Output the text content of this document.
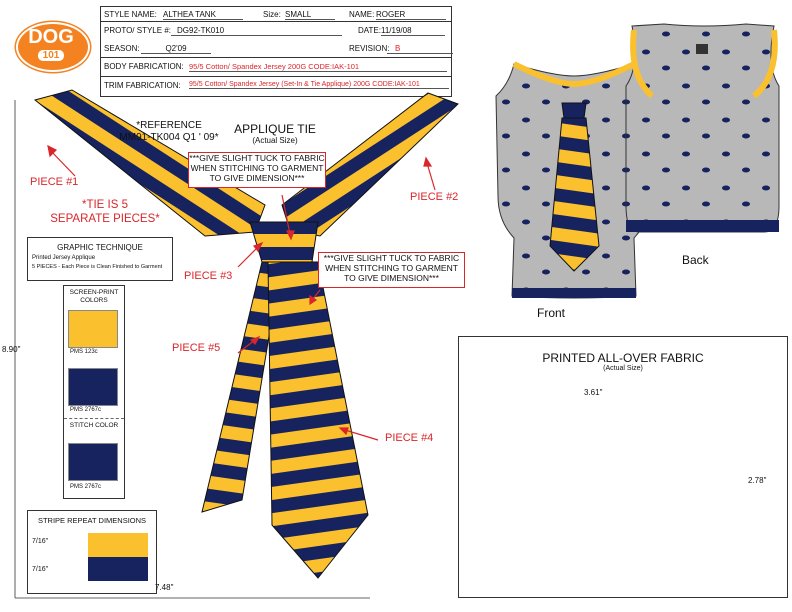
DOG
101
STYLE NAME: ALTHEA TANK	Size: SMALL	NAME: ROGER
PROTO/ STYLE #: DG92-TK010	DATE: 11/19/08
SEASON:	Q2'09	REVISION: B
BODY FABRICATION: 95/5 Cotton/ Spandex Jersey 200G CODE:IAK-101
TRIM FABRICATION: 95/5 Cotton/ Spandex Jersey (Set-In & Tie Applique) 200G CODE:IAK-101
*REFERENCE
MM91-TK004 Q1 ' 09*
APPLIQUE TIE
(Actual Size)
***GIVE SLIGHT TUCK TO FABRIC WHEN STITCHING TO GARMENT TO GIVE DIMENSION***
***GIVE SLIGHT TUCK TO FABRIC WHEN STITCHING TO GARMENT TO GIVE DIMENSION***
PIECE #1
PIECE #2
PIECE #3
PIECE #5
PIECE #4
*TIE IS 5
SEPARATE PIECES*
GRAPHIC TECHNIQUE
Printed Jersey Applique
5 PIECES - Each Piece is Clean Finished to Garment
SCREEN-PRINT COLORS
PMS 123c
PMS 2767c
STITCH COLOR
PMS 2767c
STRIPE REPEAT DIMENSIONS
7/16"
7/16"
8.90"
7.48"
Front
Back
PRINTED ALL-OVER FABRIC
(Actual Size)
3.61"
2.78"
